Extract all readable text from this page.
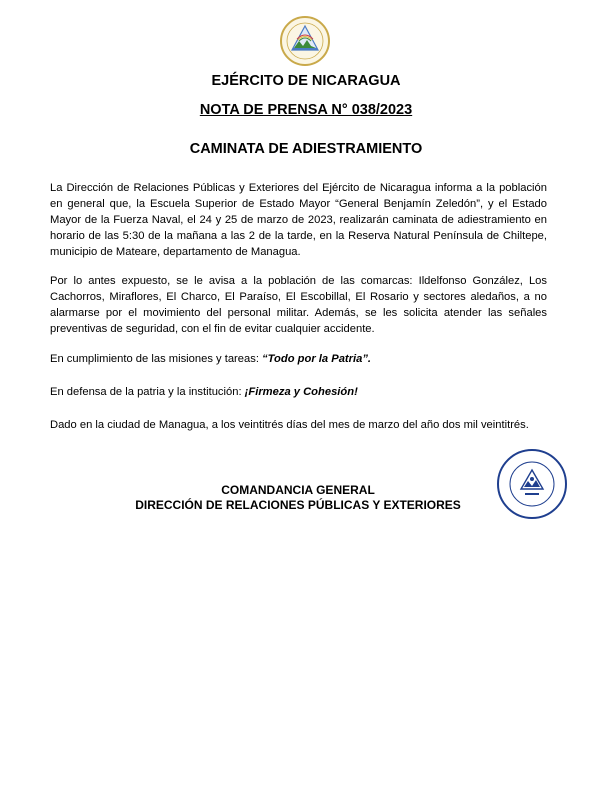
EJÉRCITO DE NICARAGUA
NOTA DE PRENSA N° 038/2023
CAMINATA DE ADIESTRAMIENTO
La Dirección de Relaciones Públicas y Exteriores del Ejército de Nicaragua informa a la población en general que, la Escuela Superior de Estado Mayor “General Benjamín Zeledón”, y el Estado Mayor de la Fuerza Naval, el 24 y 25 de marzo de 2023, realizarán caminata de adiestramiento en horario de las 5:30 de la mañana a las 2 de la tarde, en la Reserva Natural Península de Chiltepe, municipio de Mateare, departamento de Managua.
Por lo antes expuesto, se le avisa a la población de las comarcas: Ildelfonso González, Los Cachorros, Miraflores, El Charco, El Paraíso, El Escobillal, El Rosario y sectores aledaños, a no alarmarse por el movimiento del personal militar. Además, se les solicita atender las señales preventivas de seguridad, con el fin de evitar cualquier accidente.
En cumplimiento de las misiones y tareas: “Todo por la Patria”.
En defensa de la patria y la institución: ¡Firmeza y Cohesión!
Dado en la ciudad de Managua, a los veintitrés días del mes de marzo del año dos mil veintitrés.
COMANDANCIA GENERAL
DIRECCIÓN DE RELACIONES PÚBLICAS Y EXTERIORES
